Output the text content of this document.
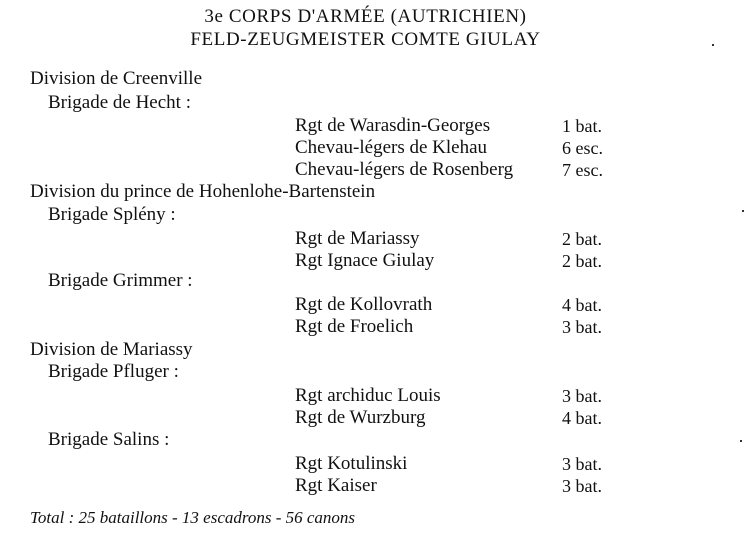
3e CORPS D'ARMÉE (AUTRICHIEN)
FELD-ZEUGMEISTER COMTE GIULAY
Division de Creenville
Brigade de Hecht :
Rgt de Warasdin-Georges	1 bat.
Chevau-légers de Klehau	6 esc.
Chevau-légers de Rosenberg	7 esc.
Division du prince de Hohenlohe-Bartenstein
Brigade Splény :
Rgt de Mariassy	2 bat.
Rgt Ignace Giulay	2 bat.
Brigade Grimmer :
Rgt de Kollovrath	4 bat.
Rgt de Froelich	3 bat.
Division de Mariassy
Brigade Pfluger :
Rgt archiduc Louis	3 bat.
Rgt de Wurzburg	4 bat.
Brigade Salins :
Rgt Kotulinski	3 bat.
Rgt Kaiser	3 bat.
Total : 25 bataillons - 13 escadrons - 56 canons
